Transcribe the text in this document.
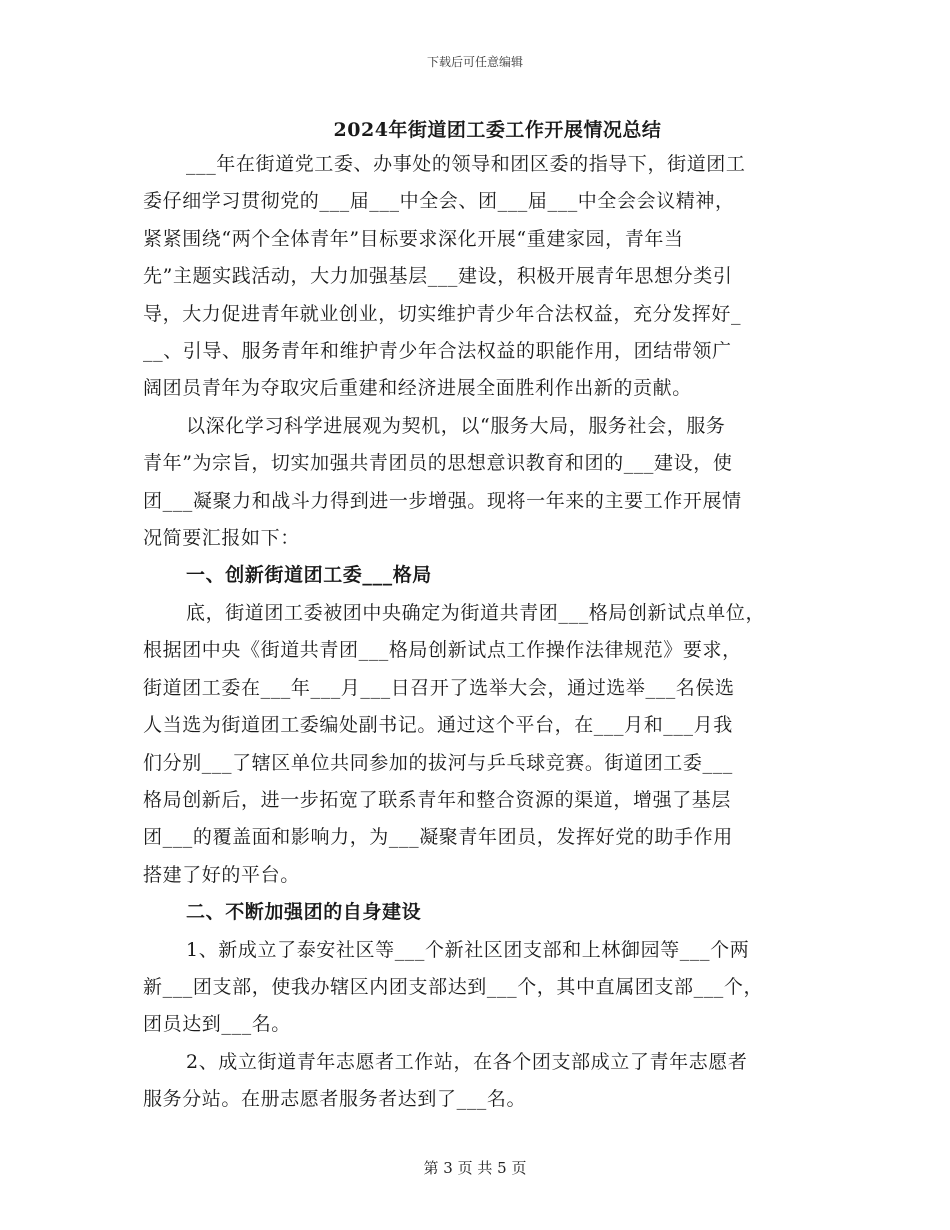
下载后可任意编辑
2024年街道团工委工作开展情况总结
___年在街道党工委、办事处的领导和团区委的指导下，街道团工
委仔细学习贯彻党的___届___中全会、团___届___中全会会议精神，
紧紧围绕“两个全体青年”目标要求深化开展“重建家园，青年当
先”主题实践活动，大力加强基层___建设，积极开展青年思想分类引
导，大力促进青年就业创业，切实维护青少年合法权益，充分发挥好_
__、引导、服务青年和维护青少年合法权益的职能作用，团结带领广
阔团员青年为夺取灾后重建和经济进展全面胜利作出新的贡献。
以深化学习科学进展观为契机，以“服务大局，服务社会，服务
青年”为宗旨，切实加强共青团员的思想意识教育和团的___建设，使
团___凝聚力和战斗力得到进一步增强。现将一年来的主要工作开展情
况简要汇报如下：
一、创新街道团工委___格局
底，街道团工委被团中央确定为街道共青团___格局创新试点单位，
根据团中央《街道共青团___格局创新试点工作操作法律规范》要求，
街道团工委在___年___月___日召开了选举大会，通过选举___名侯选
人当选为街道团工委编处副书记。通过这个平台，在___月和___月我
们分别___了辖区单位共同参加的拔河与乒乓球竞赛。街道团工委___
格局创新后，进一步拓宽了联系青年和整合资源的渠道，增强了基层
团___的覆盖面和影响力，为___凝聚青年团员，发挥好党的助手作用
搭建了好的平台。
二、不断加强团的自身建设
1、新成立了泰安社区等___个新社区团支部和上林御园等___个两
新___团支部，使我办辖区内团支部达到___个，其中直属团支部___个，
团员达到___名。
2、成立街道青年志愿者工作站，在各个团支部成立了青年志愿者
服务分站。在册志愿者服务者达到了___名。
第 3 页 共 5 页
